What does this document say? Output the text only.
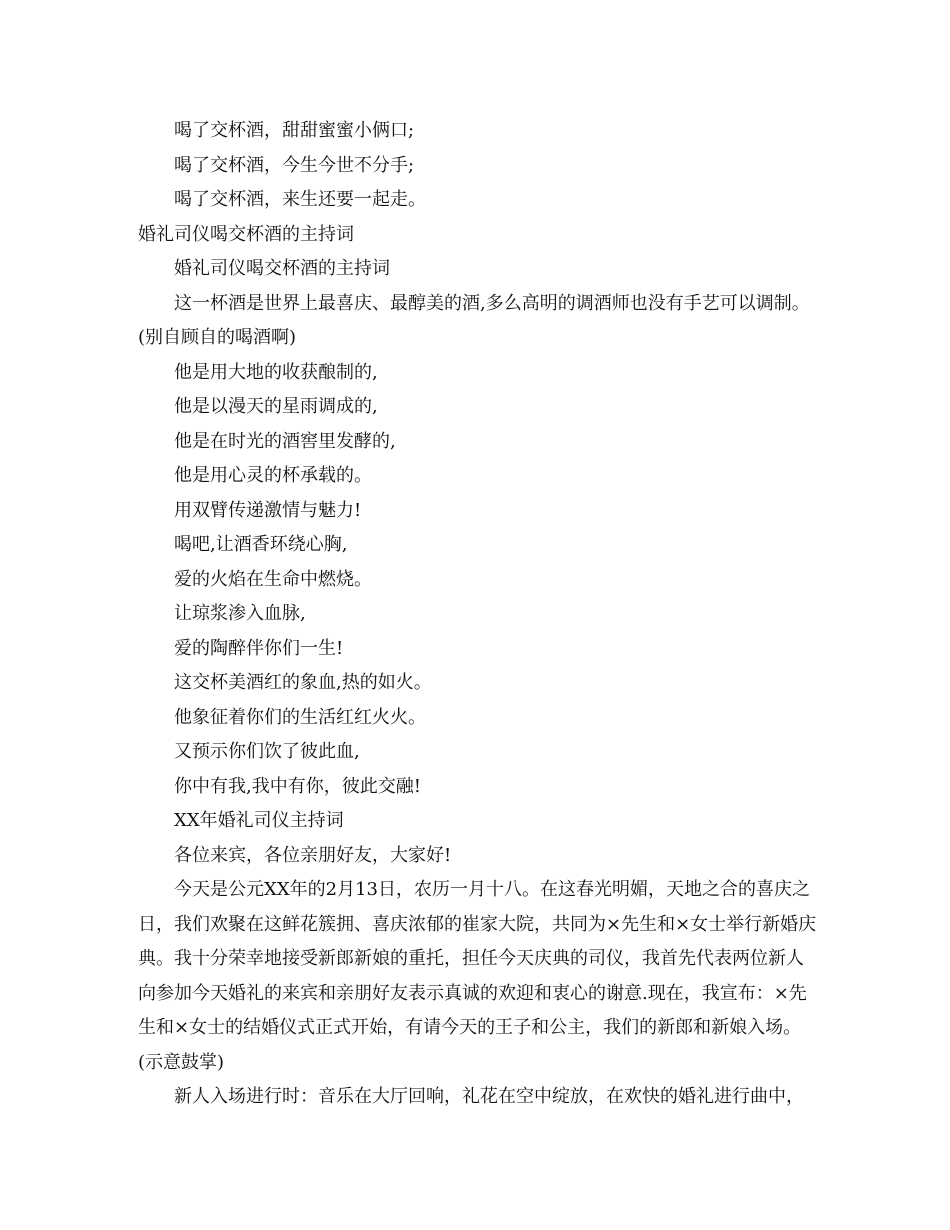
喝了交杯酒，甜甜蜜蜜小俩口;

喝了交杯酒，今生今世不分手;

喝了交杯酒，来生还要一起走。

婚礼司仪喝交杯酒的主持词

婚礼司仪喝交杯酒的主持词

这一杯酒是世界上最喜庆、最醇美的酒,多么高明的调酒师也没有手艺可以调制。(别自顾自的喝酒啊)

他是用大地的收获酿制的,

他是以漫天的星雨调成的,

他是在时光的酒窖里发酵的,

他是用心灵的杯承载的。

用双臂传递激情与魅力!

喝吧,让酒香环绕心胸,

爱的火焰在生命中燃烧。

让琼浆渗入血脉,

爱的陶醉伴你们一生!

这交杯美酒红的象血,热的如火。

他象征着你们的生活红红火火。

又预示你们饮了彼此血,

你中有我,我中有你，彼此交融!

XX年婚礼司仪主持词

各位来宾，各位亲朋好友，大家好!

今天是公元XX年的2月13日，农历一月十八。在这春光明媚，天地之合的喜庆之日，我们欢聚在这鲜花簇拥、喜庆浓郁的崔家大院，共同为×先生和×女士举行新婚庆典。我十分荣幸地接受新郎新娘的重托，担任今天庆典的司仪，我首先代表两位新人向参加今天婚礼的来宾和亲朋好友表示真诚的欢迎和衷心的谢意.现在，我宣布：×先生和×女士的结婚仪式正式开始，有请今天的王子和公主，我们的新郎和新娘入场。(示意鼓掌)

新人入场进行时：音乐在大厅回响，礼花在空中绽放，在欢快的婚礼进行曲中，
